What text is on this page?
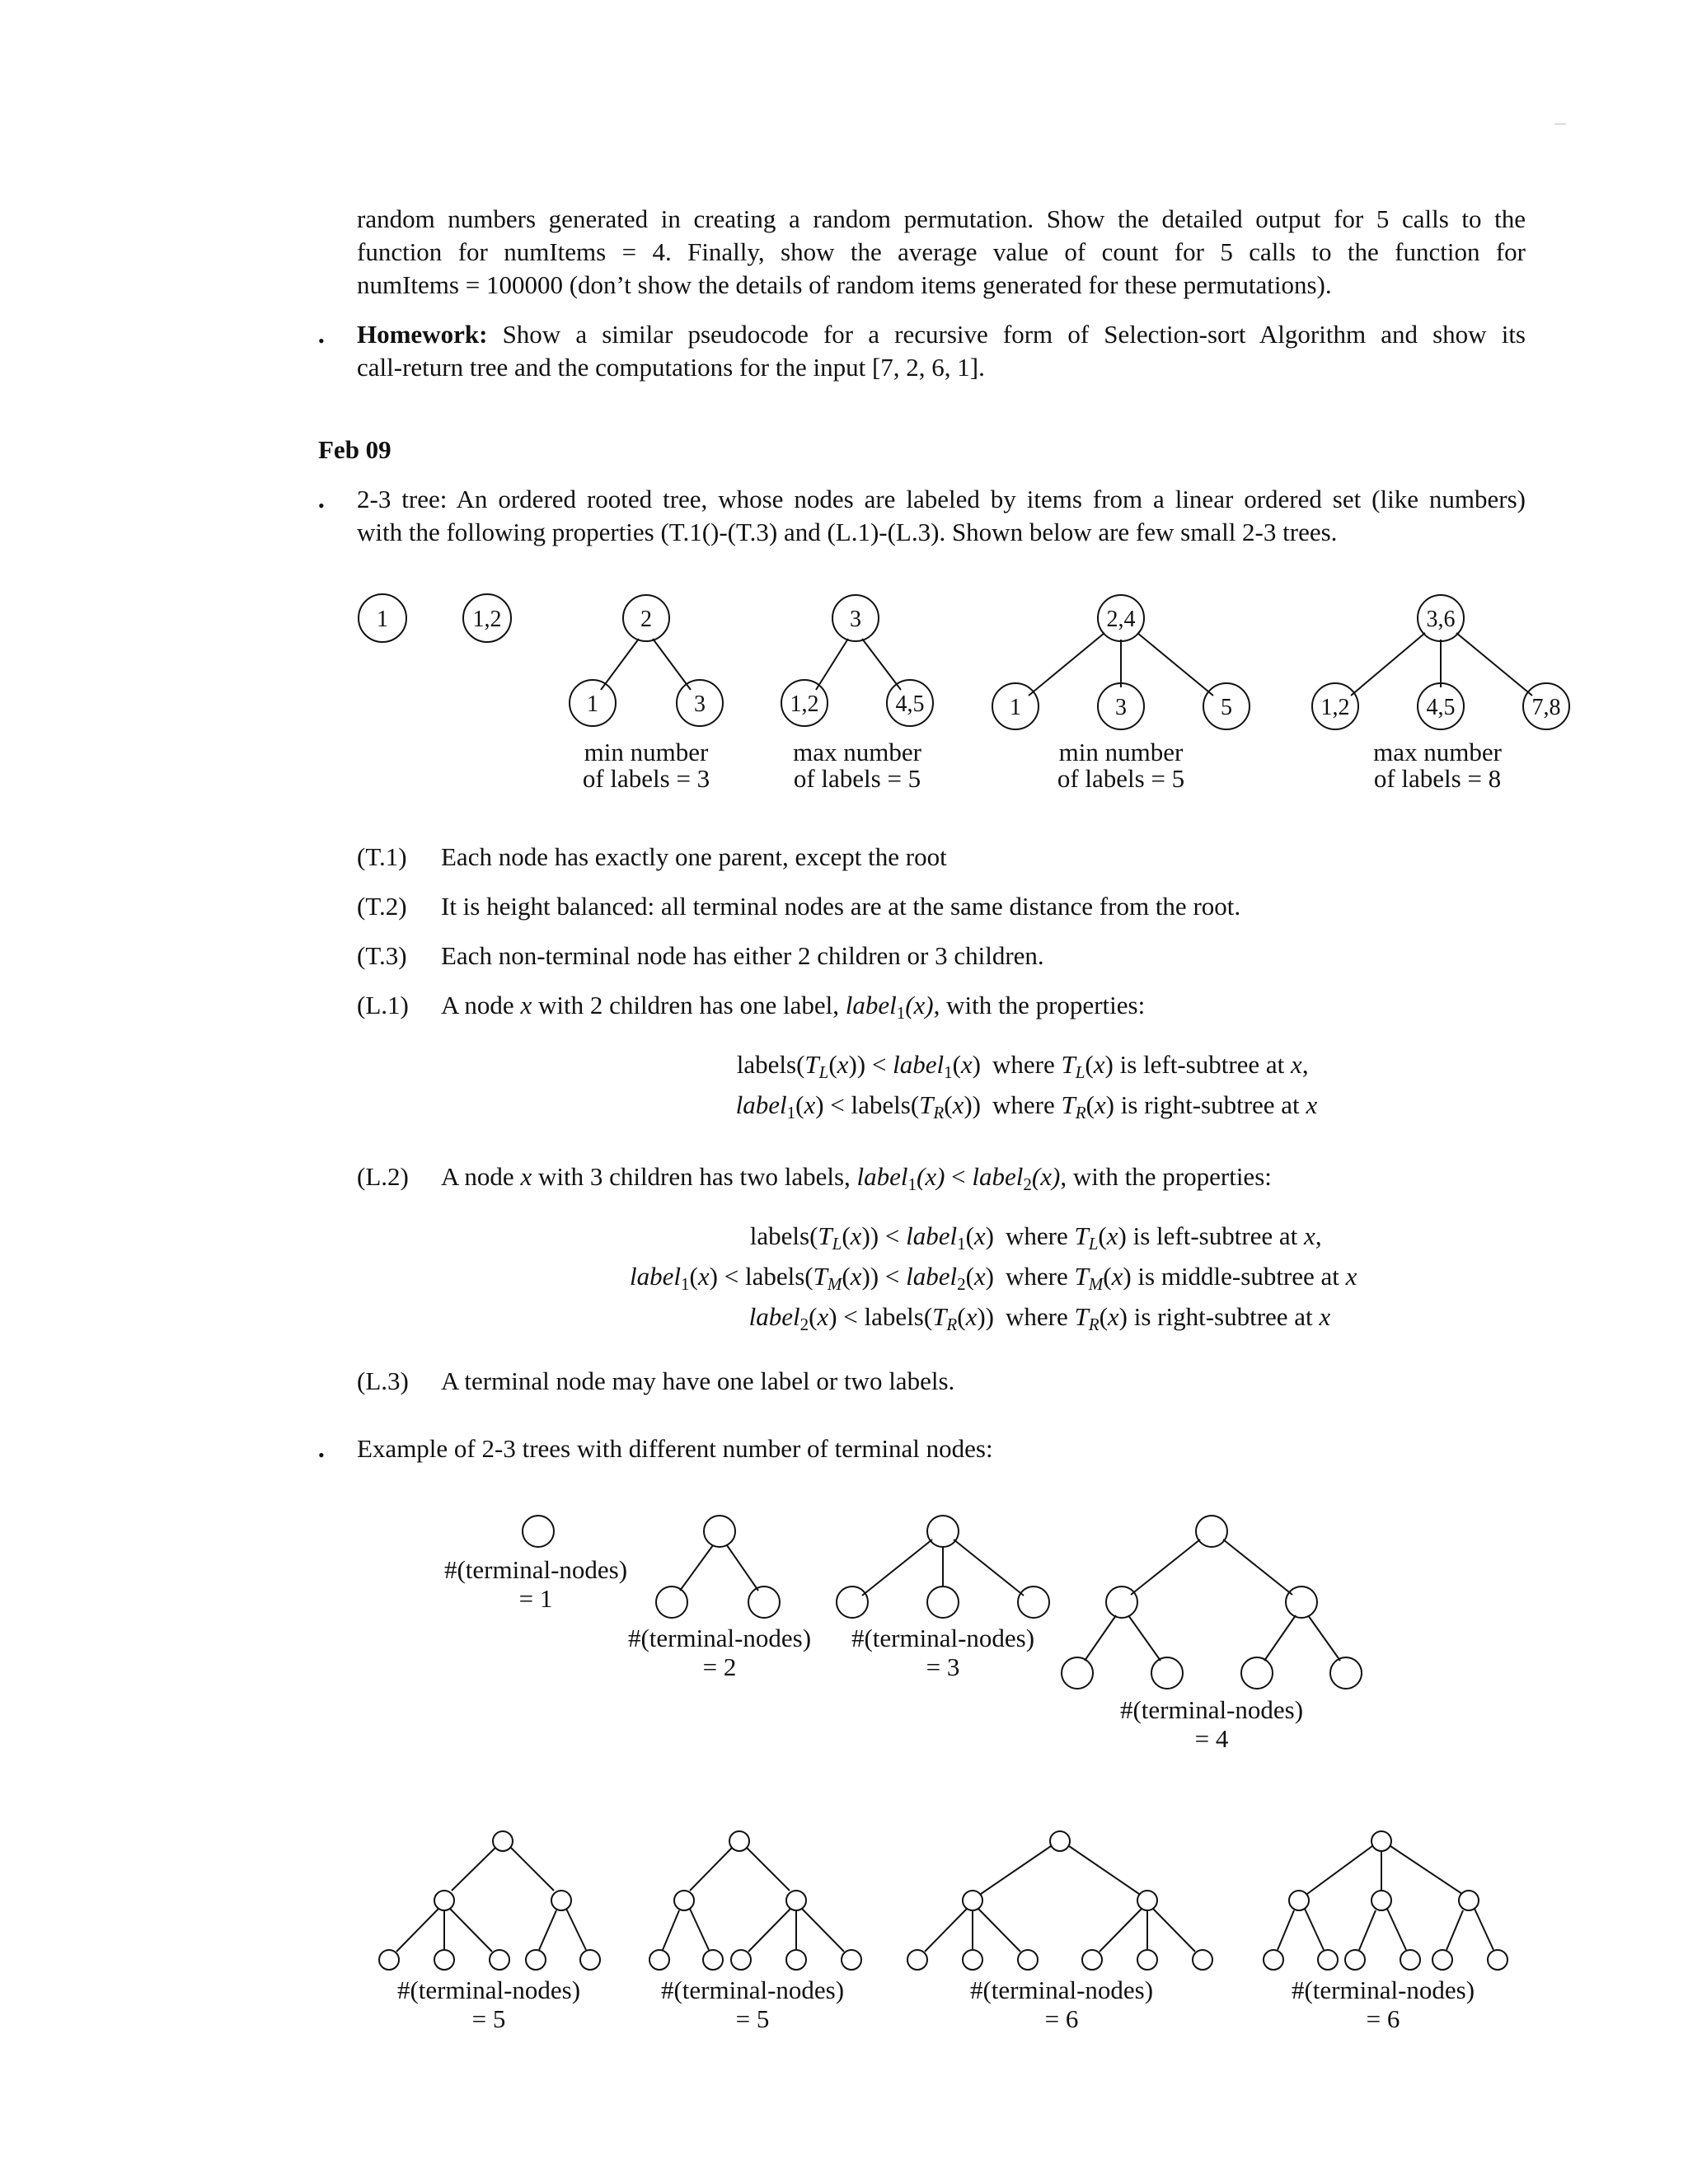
random numbers generated in creating a random permutation. Show the detailed output for 5 calls to the
function for numItems = 4. Finally, show the average value of count for 5 calls to the function for
numItems = 100000 (don’t show the details of random items generated for these permutations).
• Homework: Show a similar pseudocode for a recursive form of Selection-sort Algorithm and show its
call-return tree and the computations for the input [7, 2, 6, 1].
Feb 09
• 2-3 tree: An ordered rooted tree, whose nodes are labeled by items from a linear ordered set (like numbers)
with the following properties (T.1()-(T.3) and (L.1)-(L.3). Shown below are few small 2-3 trees.
1	1,2	2
1	3
3
1,2	4,5
2,4
1	3	5
3,6
1,2	4,5	7,8
min number
of labels = 3
max number
of labels = 5
min number
of labels = 5
max number
of labels = 8
(T.1) Each node has exactly one parent, except the root
(T.2) It is height balanced: all terminal nodes are at the same distance from the root.
(T.3) Each non-terminal node has either 2 children or 3 children.
(L.1) A node x with 2 children has one label, label$_1$(x), with the properties:
$labels(T_L(x))$ < label$_1$(x)
label$_1$(x) < $labels(T_R(x))$
where $T_L(x)$ is left-subtree at x,
where $T_R(x)$ is right-subtree at x
(L.2) A node x with 3 children has two labels, label$_1$(x) < label$_2$(x), with the properties:
$labels(T_L(x))$ < label$_1$(x)
label$_1$(x) < $labels(T_M(x))$ < label$_2$(x)
label$_2$(x) < $labels(T_R(x))$
where $T_L(x)$ is left-subtree at x,
where $T_M(x)$ is middle-subtree at x
where $T_R(x)$ is right-subtree at x
(L.3) A terminal node may have one label or two labels.
• Example of 2-3 trees with different number of terminal nodes:
#(terminal-nodes)
= 1
#(terminal-nodes)
= 2
#(terminal-nodes)
= 3
#(terminal-nodes)
= 4
#(terminal-nodes)
= 5
#(terminal-nodes)
= 5
#(terminal-nodes)
= 6
#(terminal-nodes)
= 6
